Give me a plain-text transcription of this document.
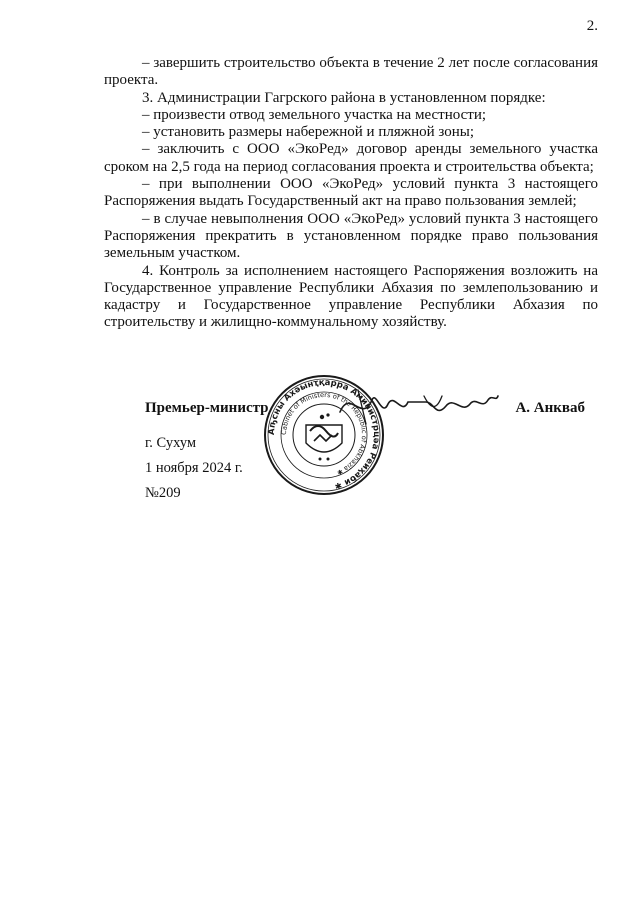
2.

– завершить строительство объекта в течение 2 лет после согласования проекта.

3. Администрации Гагрского района в установленном порядке:

– произвести отвод земельного участка на местности;

– установить размеры набережной и пляжной зоны;

– заключить с ООО «ЭкоРед» договор аренды земельного участка сроком на 2,5 года на период согласования проекта и строительства объекта;

– при выполнении ООО «ЭкоРед» условий пункта 3 настоящего Распоряжения выдать Государственный акт на право пользования землей;

– в случае невыполнения ООО «ЭкоРед» условий пункта 3 настоящего Распоряжения прекратить в установленном порядке право пользования земельным участком.

4. Контроль за исполнением настоящего Распоряжения возложить на Государственное управление Республики Абхазия по землепользованию и кадастру и Государственное управление Республики Абхазия по строительству и жилищно-коммунальному хозяйству.

Премьер-министр	А. Анкваб
Аҧсны Ахәынҭқарра Аминистрцәа Реиҳаби ✱
Cabinet of Ministers of the Republic of Abkhazia ✱
г. Сухум
1 ноября 2024 г.
№209
